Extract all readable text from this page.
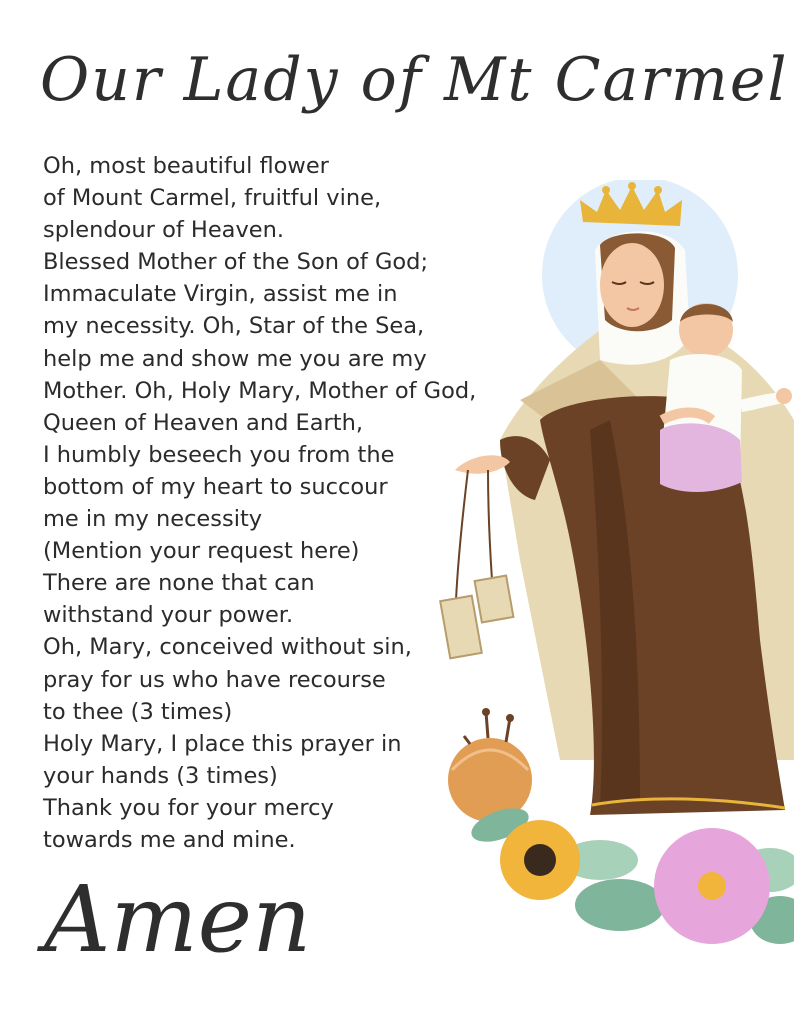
Our Lady of Mt Carmel
Oh, most beautiful flower
of Mount Carmel, fruitful vine,
splendour of Heaven.
Blessed Mother of the Son of God;
Immaculate Virgin, assist me in
my necessity. Oh, Star of the Sea,
help me and show me you are my
Mother. Oh, Holy Mary, Mother of God,
Queen of Heaven and Earth,
I humbly beseech you from the
bottom of my heart to succour
me in my necessity
(Mention your request here)
There are none that can
withstand your power.
Oh, Mary, conceived without sin,
pray for us who have recourse
to thee (3 times)
Holy Mary, I place this prayer in
your hands (3 times)
Thank you for your mercy
towards me and mine.
Amen
